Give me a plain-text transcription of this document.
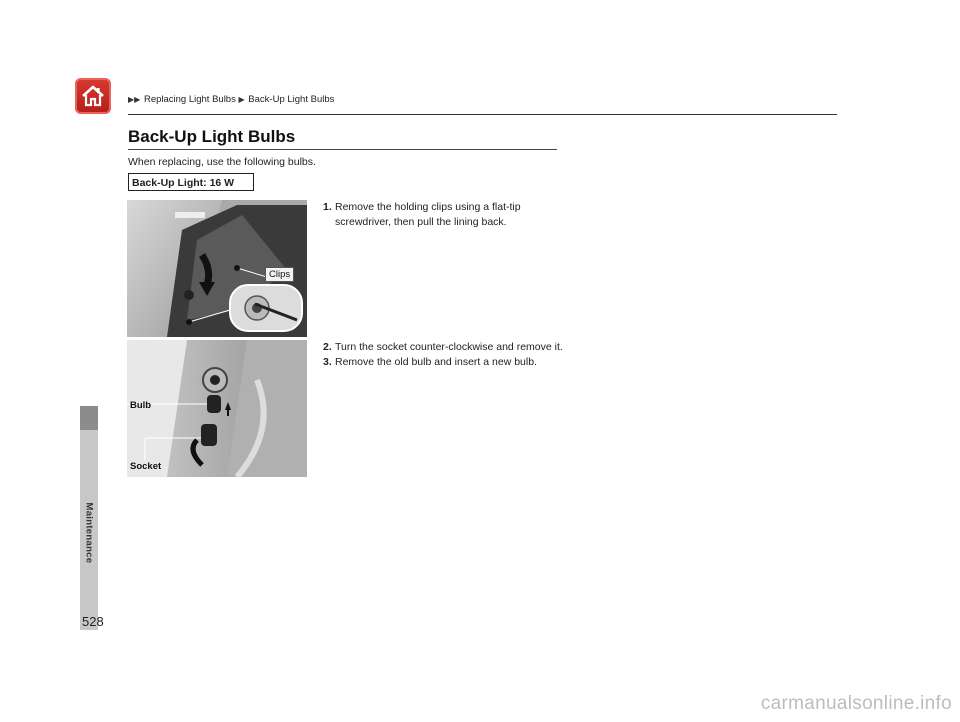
▶▶ Replacing Light Bulbs ▶ Back-Up Light Bulbs
Back-Up Light Bulbs
When replacing, use the following bulbs.
Back-Up Light: 16 W
Clips
Bulb
Socket
1. Remove the holding clips using a flat-tip screwdriver, then pull the lining back.
2. Turn the socket counter-clockwise and remove it.
3. Remove the old bulb and insert a new bulb.
528
carmanualsonline.info
